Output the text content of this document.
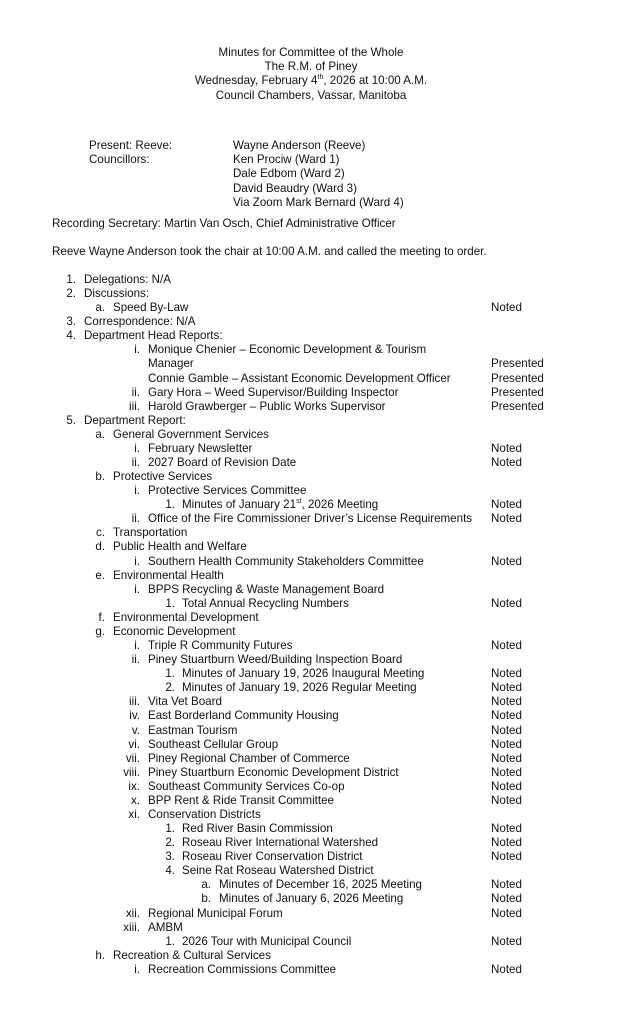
Minutes for Committee of the Whole
The R.M. of Piney
Wednesday, February 4th, 2026 at 10:00 A.M.
Council Chambers, Vassar, Manitoba
Present: Reeve:	Wayne Anderson (Reeve)
Councillors:	Ken Prociw (Ward 1)
Dale Edbom (Ward 2)
David Beaudry (Ward 3)
Via Zoom Mark Bernard (Ward 4)
Recording Secretary: Martin Van Osch, Chief Administrative Officer
Reeve Wayne Anderson took the chair at 10:00 A.M. and called the meeting to order.
1. Delegations: N/A
2. Discussions:
a. Speed By-Law	Noted
3. Correspondence: N/A
4. Department Head Reports:
i. Monique Chenier – Economic Development & Tourism
Manager	Presented
Connie Gamble – Assistant Economic Development Officer	Presented
ii. Gary Hora – Weed Supervisor/Building Inspector	Presented
iii. Harold Grawberger – Public Works Supervisor	Presented
5. Department Report:
a. General Government Services
i. February Newsletter	Noted
ii. 2027 Board of Revision Date	Noted
b. Protective Services
i. Protective Services Committee
1. Minutes of January 21st, 2026 Meeting	Noted
ii. Office of the Fire Commissioner Driver’s License Requirements Noted
c. Transportation
d. Public Health and Welfare
i. Southern Health Community Stakeholders Committee	Noted
e. Environmental Health
i. BPPS Recycling & Waste Management Board
1. Total Annual Recycling Numbers	Noted
f. Environmental Development
g. Economic Development
i. Triple R Community Futures	Noted
ii. Piney Stuartburn Weed/Building Inspection Board
1. Minutes of January 19, 2026 Inaugural Meeting	Noted
2. Minutes of January 19, 2026 Regular Meeting	Noted
iii. Vita Vet Board	Noted
iv. East Borderland Community Housing	Noted
v. Eastman Tourism	Noted
vi. Southeast Cellular Group	Noted
vii. Piney Regional Chamber of Commerce	Noted
viii. Piney Stuartburn Economic Development District	Noted
ix. Southeast Community Services Co-op	Noted
x. BPP Rent & Ride Transit Committee	Noted
xi. Conservation Districts
1. Red River Basin Commission	Noted
2. Roseau River International Watershed	Noted
3. Roseau River Conservation District	Noted
4. Seine Rat Roseau Watershed District
a. Minutes of December 16, 2025 Meeting	Noted
b. Minutes of January 6, 2026 Meeting	Noted
xii. Regional Municipal Forum	Noted
xiii. AMBM
1. 2026 Tour with Municipal Council	Noted
h. Recreation & Cultural Services
i. Recreation Commissions Committee	Noted
